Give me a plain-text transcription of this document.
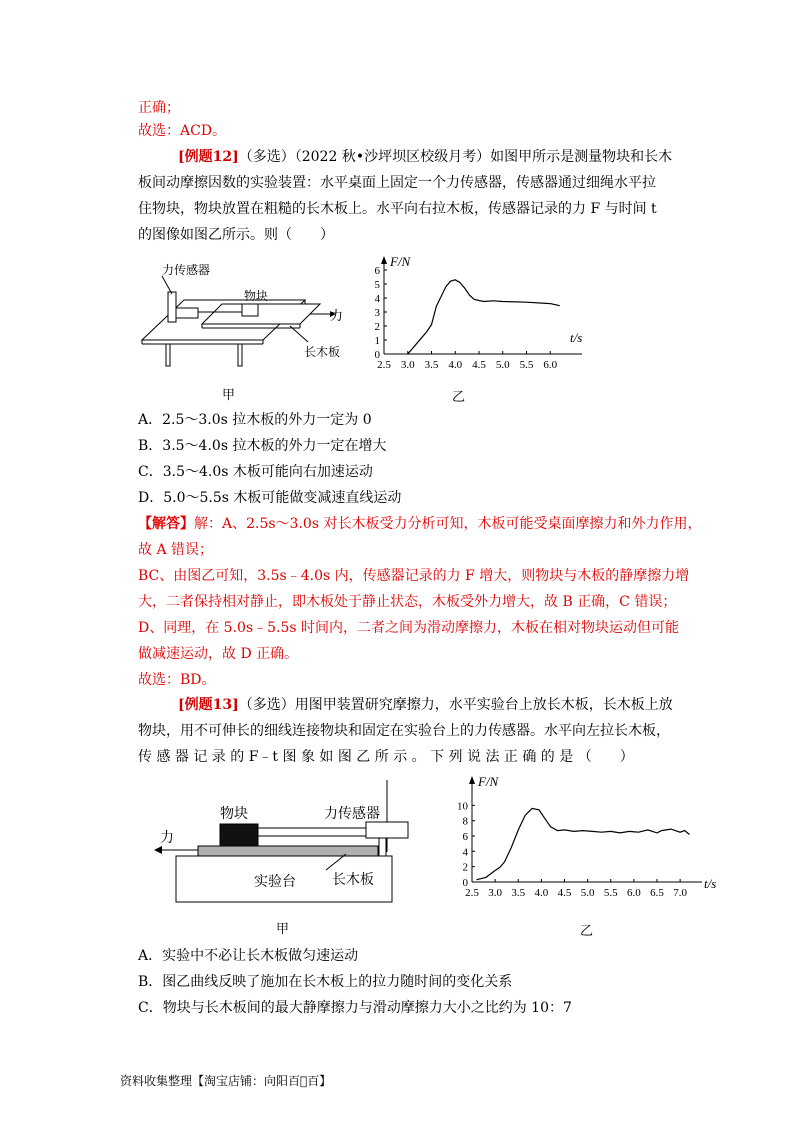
正确；
故选：ACD。
[例题12]（多选）（2022 秋•沙坪坝区校级月考）如图甲所示是测量物块和长木
板间动摩擦因数的实验装置：水平桌面上固定一个力传感器，传感器通过细绳水平拉
住物块，物块放置在粗糙的长木板上。水平向右拉木板，传感器记录的力 F 与时间 t
的图像如图乙所示。则（　　）
力传感器
物块
力
长木板
甲
2.5 3.0 3.5 4.0 4.5 5.0 5.5 6.0
0
1
2
3
4
5
6
F/N
t/s
乙
A．2.5～3.0s 拉木板的外力一定为 0
B．3.5～4.0s 拉木板的外力一定在增大
C．3.5～4.0s 木板可能向右加速运动
D．5.0～5.5s 木板可能做变减速直线运动
【解答】解：A、2.5s～3.0s 对长木板受力分析可知，木板可能受桌面摩擦力和外力作用，
故 A 错误；
BC、由图乙可知，3.5s﹣4.0s 内，传感器记录的力 F 增大，则物块与木板的静摩擦力增
大，二者保持相对静止，即木板处于静止状态，木板受外力增大，故 B 正确，C 错误；
D、同理，在 5.0s﹣5.5s 时间内，二者之间为滑动摩擦力，木板在相对物块运动但可能
做减速运动，故 D 正确。
故选：BD。
[例题13]（多选）用图甲装置研究摩擦力，水平实验台上放长木板，长木板上放
物块，用不可伸长的细线连接物块和固定在实验台上的力传感器。水平向左拉长木板，
传 感 器 记 录 的 F﹣t 图 象 如 图 乙 所 示 。 下 列 说 法 正 确 的 是 （　　）
物块	力传感器
力
实验台	长木板
甲
2.5 3.0 3.5 4.0 4.5 5.0 5.5 6.0 6.5 7.0
0
2
4
6
8
10
F/N
t/s
乙
A．实验中不必让长木板做匀速运动
B．图乙曲线反映了施加在长木板上的拉力随时间的变化关系
C．物块与长木板间的最大静摩擦力与滑动摩擦力大小之比约为 10：7
资料收集整理【淘宝店铺：向阳百𫸯百】
